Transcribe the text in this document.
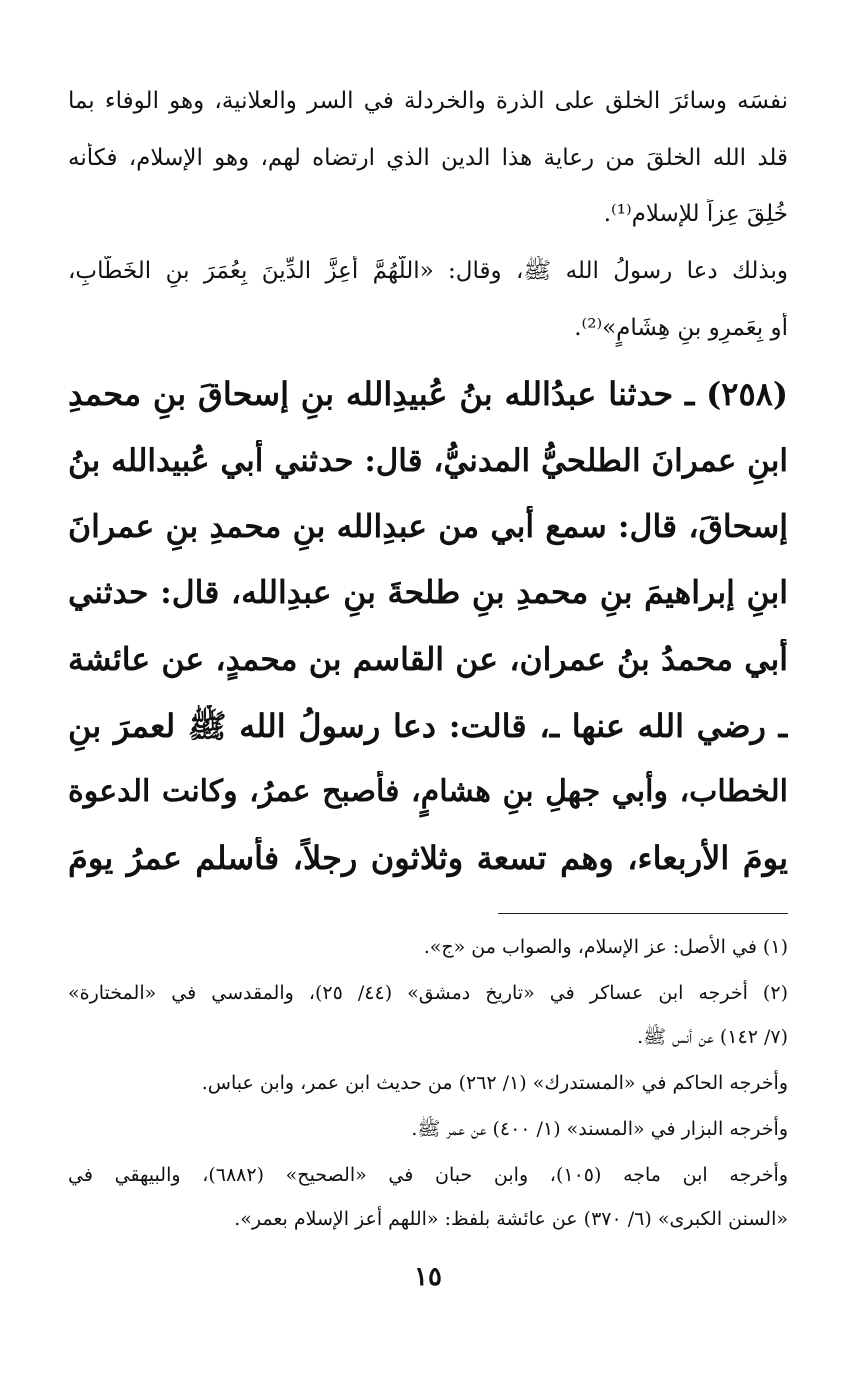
نفسَه وسائرَ الخلق على الذرة والخردلة في السر والعلانية، وهو الوفاء بما
قلد الله الخلقَ من رعاية هذا الدين الذي ارتضاه لهم، وهو الإسلام، فكأنه
خُلِقَ عِزاً للإسلام⁽¹⁾.
وبذلك دعا رسولُ الله ﷺ، وقال: «اللَّهُمَّ أَعِزَّ الدِّينَ بِعُمَرَ بنِ الخَطَّابِ،
أَو بِعَمرِو بنِ هِشَامٍ»⁽²⁾.
(٢٥٨) ـ حدثنا عبدُالله بنُ عُبيدِالله بنِ إسحاقَ بنِ محمدِ
ابنِ عمرانَ الطلحيُّ المدنيُّ، قال: حدثني أبي عُبيدالله بنُ
إسحاقَ، قال: سمع أبي من عبدِالله بنِ محمدِ بنِ عمرانَ
ابنِ إبراهيمَ بنِ محمدِ بنِ طلحةَ بنِ عبدِالله، قال: حدثني
أبي محمدُ بنُ عمران، عن القاسم بن محمدٍ، عن عائشة
ـ رضي الله عنها ـ، قالت: دعا رسولُ الله ﷺ لعمرَ بنِ
الخطاب، وأبي جهلِ بنِ هشامٍ، فأصبح عمرُ، وكانت الدعوة
يومَ الأربعاء، وهم تسعة وثلاثون رجلاً، فأسلم عمرُ يومَ
(١) في الأصل: عز الإسلام، والصواب من «ج».
(٢) أخرجه ابن عساكر في «تاريخ دمشق» (٤٤/ ٢٥)، والمقدسي في «المختارة»
(٧/ ١٤٢) عن أنس ﷺ.
وأخرجه الحاكم في «المستدرك» (١/ ٢٦٢) من حديث ابن عمر، وابن عباس.
وأخرجه البزار في «المسند» (١/ ٤٠٠) عن عمر ﷺ.
وأخرجه ابن ماجه (١٠٥)، وابن حبان في «الصحيح» (٦٨٨٢)، والبيهقي في
«السنن الكبرى» (٦/ ٣٧٠) عن عائشة بلفظ: «اللهم أعز الإسلام بعمر».
١٥
